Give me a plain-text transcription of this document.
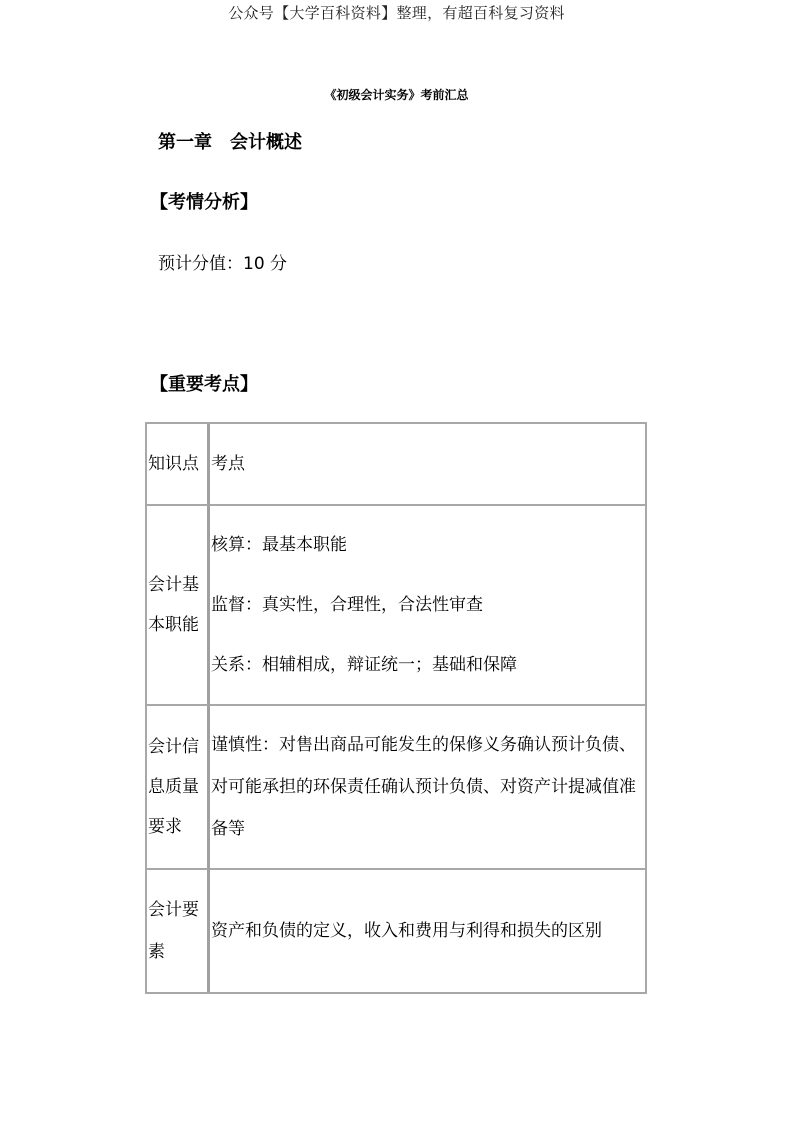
公众号【大学百科资料】整理，有超百科复习资料
《初级会计实务》考前汇总
第一章　会计概述
【考情分析】
预计分值：10 分
【重要考点】
知识点	考点

会计基本职能	核算：最基本职能

监督：真实性，合理性，合法性审查

关系：相辅相成，辩证统一；基础和保障

会计信息质量要求	谨慎性：对售出商品可能发生的保修义务确认预计负债、对可能承担的环保责任确认预计负债、对资产计提减值准备等

会计要素	资产和负债的定义，收入和费用与利得和损失的区别
